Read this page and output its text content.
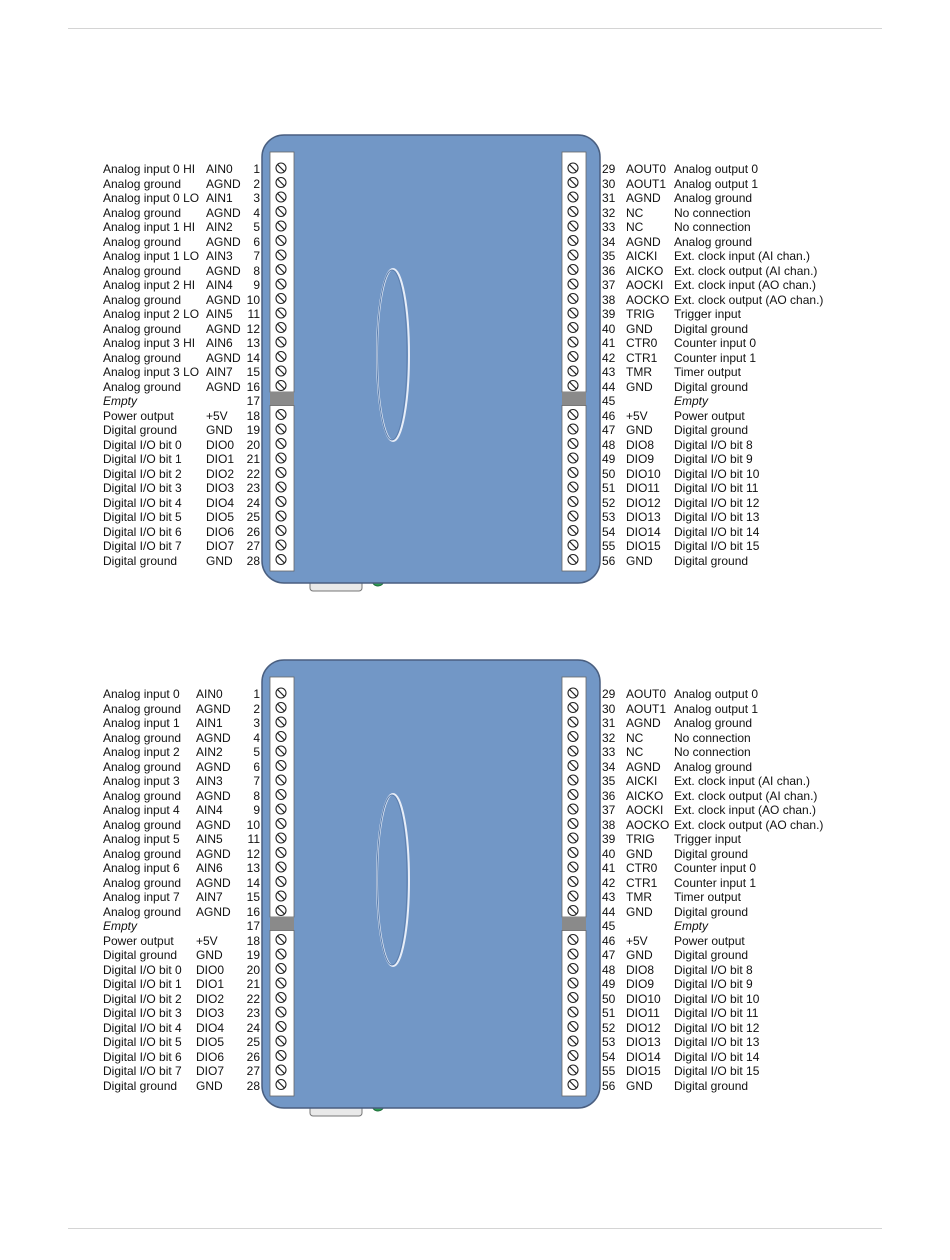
Analog input 0 HI AIN0 1
Analog ground AGND 2
Analog input 0 LO AIN1 3
Analog ground AGND 4
Analog input 1 HI AIN2 5
Analog ground AGND 6
Analog input 1 LO AIN3 7
Analog ground AGND 8
Analog input 2 HI AIN4 9
Analog ground AGND 10
Analog input 2 LO AIN5 11
Analog ground AGND 12
Analog input 3 HI AIN6 13
Analog ground AGND 14
Analog input 3 LO AIN7 15
Analog ground AGND 16
Empty	17
Power output	+5V 18
Digital ground GND 19
Digital I/O bit 0 DIO0 20
Digital I/O bit 1 DIO1 21
Digital I/O bit 2 DIO2 22
Digital I/O bit 3 DIO3 23
Digital I/O bit 4 DIO4 24
Digital I/O bit 5 DIO5 25
Digital I/O bit 6 DIO6 26
Digital I/O bit 7 DIO7 27
Digital ground GND 28
29 AOUT0 Analog output 0
30 AOUT1 Analog output 1
31 AGND Analog ground
32 NC	No connection
33 NC	No connection
34 AGND Analog ground
35 AICKI Ext. clock input (AI chan.)
36 AICKO Ext. clock output (AI chan.)
37 AOCKI Ext. clock input (AO chan.)
38 AOCKO Ext. clock output (AO chan.)
39 TRIG Trigger input
40 GND Digital ground
41 CTR0 Counter input 0
42 CTR1 Counter input 1
43 TMR Timer output
44 GND Digital ground
45	Empty
46 +5V Power output
47 GND Digital ground
48 DIO8 Digital I/O bit 8
49 DIO9 Digital I/O bit 9
50 DIO10 Digital I/O bit 10
51 DIO11 Digital I/O bit 11
52 DIO12 Digital I/O bit 12
53 DIO13 Digital I/O bit 13
54 DIO14 Digital I/O bit 14
55 DIO15 Digital I/O bit 15
56 GND Digital ground
Analog input 0 AIN0	1
Analog ground AGND 2
Analog input 1 AIN1	3
Analog ground AGND 4
Analog input 2 AIN2	5
Analog ground AGND 6
Analog input 3 AIN3	7
Analog ground AGND 8
Analog input 4 AIN4	9
Analog ground AGND 10
Analog input 5 AIN5 11
Analog ground AGND 12
Analog input 6 AIN6 13
Analog ground AGND 14
Analog input 7 AIN7 15
Analog ground AGND 16
Empty	17
Power output +5V 18
Digital ground GND 19
Digital I/O bit 0 DIO0 20
Digital I/O bit 1 DIO1 21
Digital I/O bit 2 DIO2 22
Digital I/O bit 3 DIO3 23
Digital I/O bit 4 DIO4 24
Digital I/O bit 5 DIO5 25
Digital I/O bit 6 DIO6 26
Digital I/O bit 7 DIO7 27
Digital ground GND 28
29 AOUT0 Analog output 0
30 AOUT1 Analog output 1
31 AGND Analog ground
32 NC	No connection
33 NC	No connection
34 AGND Analog ground
35 AICKI Ext. clock input (AI chan.)
36 AICKO Ext. clock output (AI chan.)
37 AOCKI Ext. clock input (AO chan.)
38 AOCKO Ext. clock output (AO chan.)
39 TRIG Trigger input
40 GND Digital ground
41 CTR0 Counter input 0
42 CTR1 Counter input 1
43 TMR Timer output
44 GND Digital ground
45	Empty
46 +5V Power output
47 GND Digital ground
48 DIO8 Digital I/O bit 8
49 DIO9 Digital I/O bit 9
50 DIO10 Digital I/O bit 10
51 DIO11 Digital I/O bit 11
52 DIO12 Digital I/O bit 12
53 DIO13 Digital I/O bit 13
54 DIO14 Digital I/O bit 14
55 DIO15 Digital I/O bit 15
56 GND Digital ground
